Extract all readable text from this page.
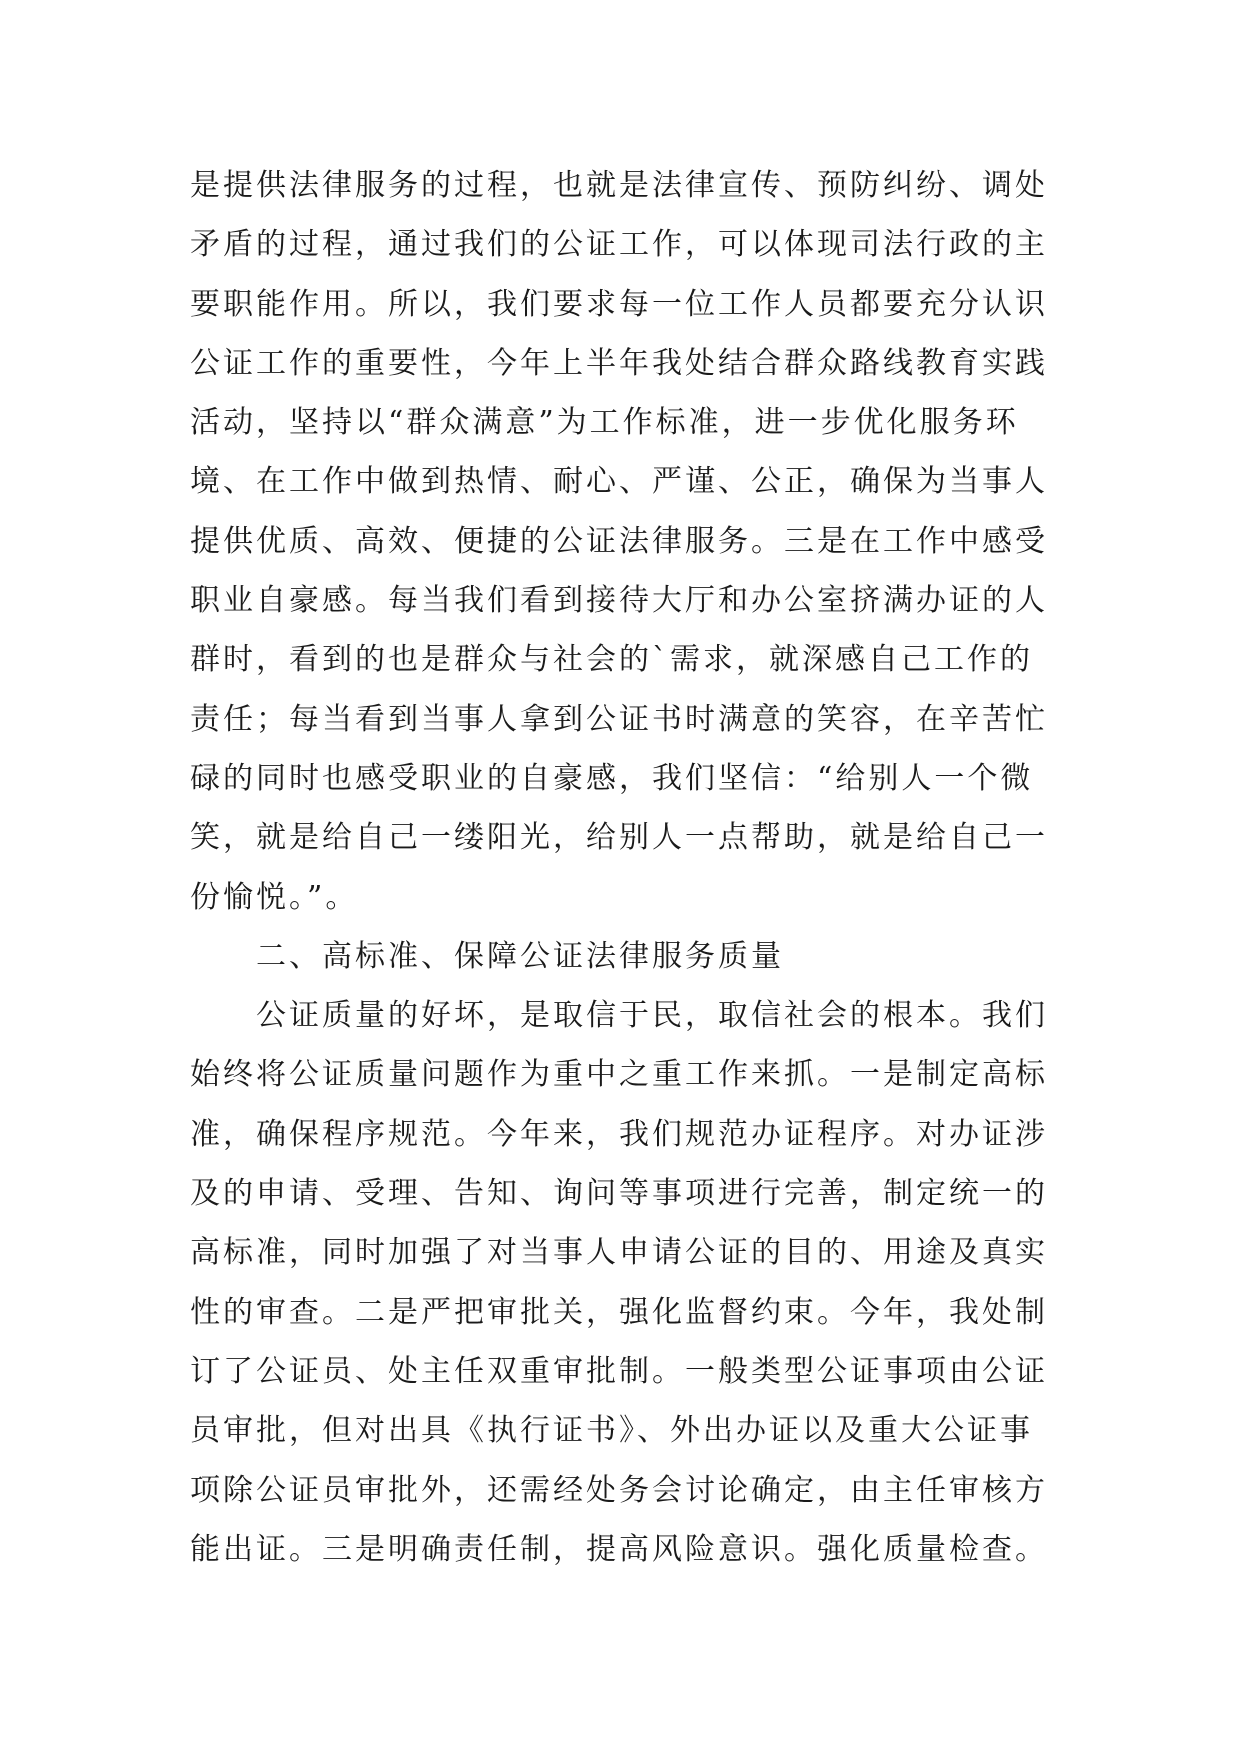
是提供法律服务的过程，也就是法律宣传、预防纠纷、调处
矛盾的过程，通过我们的公证工作，可以体现司法行政的主
要职能作用。所以，我们要求每一位工作人员都要充分认识
公证工作的重要性，今年上半年我处结合群众路线教育实践
活动，坚持以“群众满意”为工作标准，进一步优化服务环
境、在工作中做到热情、耐心、严谨、公正，确保为当事人
提供优质、高效、便捷的公证法律服务。三是在工作中感受
职业自豪感。每当我们看到接待大厅和办公室挤满办证的人
群时，看到的也是群众与社会的`需求，就深感自己工作的
责任；每当看到当事人拿到公证书时满意的笑容，在辛苦忙
碌的同时也感受职业的自豪感，我们坚信：“给别人一个微
笑，就是给自己一缕阳光，给别人一点帮助，就是给自己一
份愉悦。”。
　　二、高标准、保障公证法律服务质量
　　公证质量的好坏，是取信于民，取信社会的根本。我们
始终将公证质量问题作为重中之重工作来抓。一是制定高标
准，确保程序规范。今年来，我们规范办证程序。对办证涉
及的申请、受理、告知、询问等事项进行完善，制定统一的
高标准，同时加强了对当事人申请公证的目的、用途及真实
性的审查。二是严把审批关，强化监督约束。今年，我处制
订了公证员、处主任双重审批制。一般类型公证事项由公证
员审批，但对出具《执行证书》、外出办证以及重大公证事
项除公证员审批外，还需经处务会讨论确定，由主任审核方
能出证。三是明确责任制，提高风险意识。强化质量检查。
